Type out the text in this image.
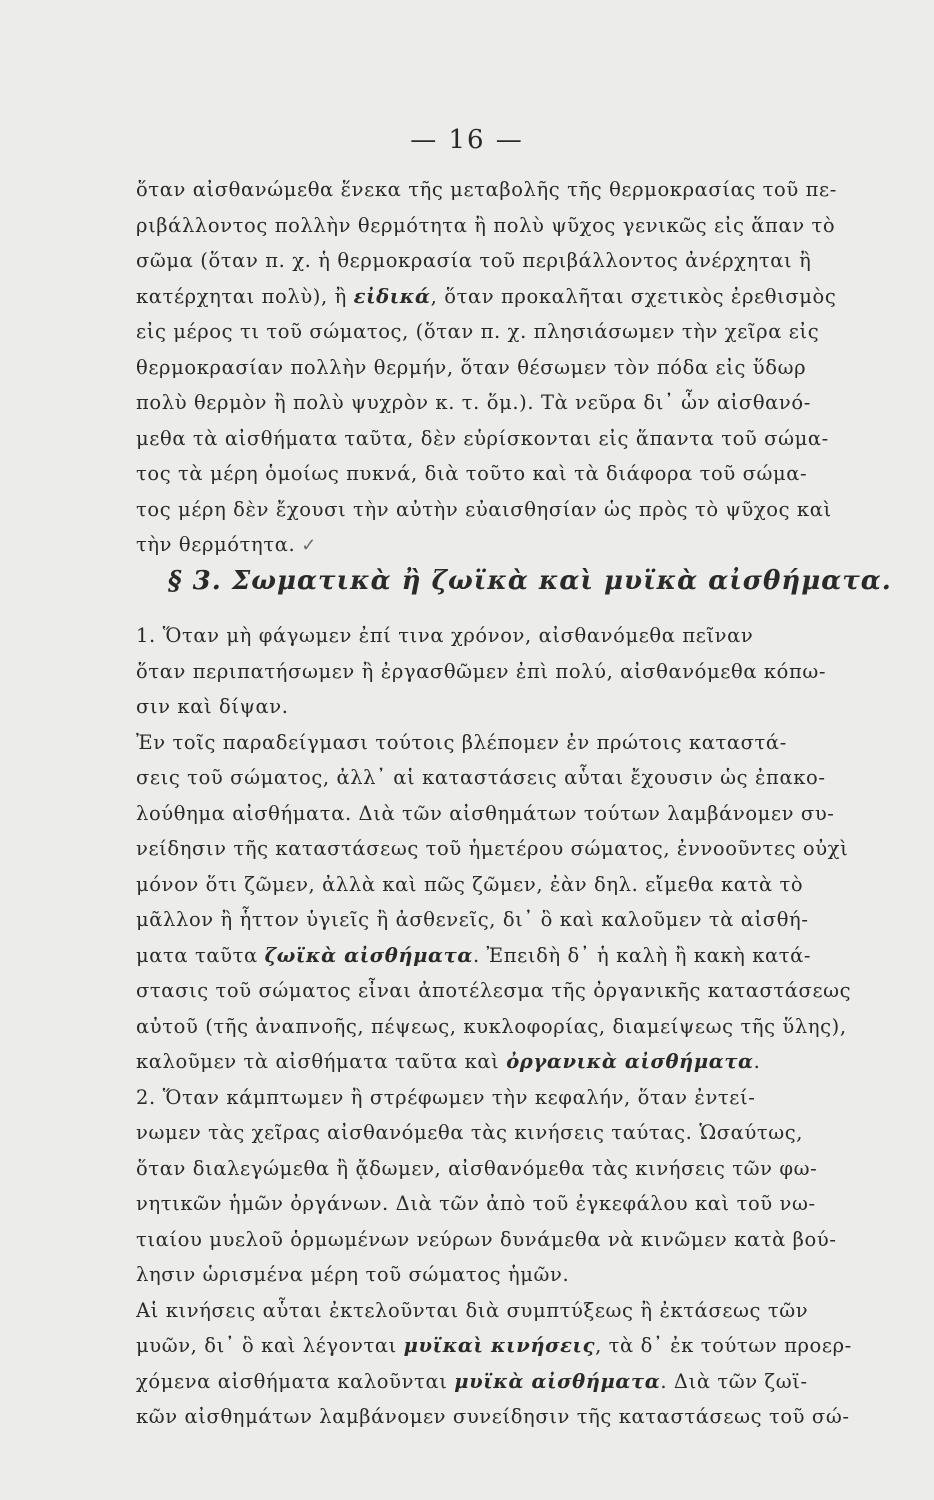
— 16 —
ὅταν αἰσθανώμεθα ἕνεκα τῆς μεταβολῆς τῆς θερμοκρασίας τοῦ πε-
ριβάλλοντος πολλὴν θερμότητα ἢ πολὺ ψῦχος γενικῶς εἰς ἅπαν τὸ
σῶμα (ὅταν π. χ. ἡ θερμοκρασία τοῦ περιβάλλοντος ἀνέρχηται ἢ
κατέρχηται πολὺ), ἢ εἰδικά, ὅταν προκαλῆται σχετικὸς ἐρεθισμὸς
εἰς μέρος τι τοῦ σώματος, (ὅταν π. χ. πλησιάσωμεν τὴν χεῖρα εἰς
θερμοκρασίαν πολλὴν θερμήν, ὅταν θέσωμεν τὸν πόδα εἰς ὕδωρ
πολὺ θερμὸν ἢ πολὺ ψυχρὸν κ. τ. ὅμ.). Τὰ νεῦρα δι᾽ ὧν αἰσθανό-
μεθα τὰ αἰσθήματα ταῦτα, δὲν εὑρίσκονται εἰς ἅπαντα τοῦ σώμα-
τος τὰ μέρη ὁμοίως πυκνά, διὰ τοῦτο καὶ τὰ διάφορα τοῦ σώμα-
τος μέρη δὲν ἔχουσι τὴν αὐτὴν εὐαισθησίαν ὡς πρὸς τὸ ψῦχος καὶ
τὴν θερμότητα. ✓
§ 3. Σωματικὰ ἢ ζωϊκὰ καὶ μυϊκὰ αἰσθήματα.
1. Ὅταν μὴ φάγωμεν ἐπί τινα χρόνον, αἰσθανόμεθα πεῖναν
ὅταν περιπατήσωμεν ἢ ἐργασθῶμεν ἐπὶ πολύ, αἰσθανόμεθα κόπω-
σιν καὶ δίψαν.
Ἐν τοῖς παραδείγμασι τούτοις βλέπομεν ἐν πρώτοις καταστά-
σεις τοῦ σώματος, ἀλλ᾽ αἱ καταστάσεις αὗται ἔχουσιν ὡς ἐπακο-
λούθημα αἰσθήματα. Διὰ τῶν αἰσθημάτων τούτων λαμβάνομεν συ-
νείδησιν τῆς καταστάσεως τοῦ ἡμετέρου σώματος, ἐννοοῦντες οὐχὶ
μόνον ὅτι ζῶμεν, ἀλλὰ καὶ πῶς ζῶμεν, ἐὰν δηλ. εἴμεθα κατὰ τὸ
μᾶλλον ἢ ἧττον ὑγιεῖς ἢ ἀσθενεῖς, δι᾽ ὃ καὶ καλοῦμεν τὰ αἰσθή-
ματα ταῦτα ζωϊκὰ αἰσθήματα. Ἐπειδὴ δ᾽ ἡ καλὴ ἢ κακὴ κατά-
στασις τοῦ σώματος εἶναι ἀποτέλεσμα τῆς ὀργανικῆς καταστάσεως
αὐτοῦ (τῆς ἀναπνοῆς, πέψεως, κυκλοφορίας, διαμείψεως τῆς ὕλης),
καλοῦμεν τὰ αἰσθήματα ταῦτα καὶ ὀργανικὰ αἰσθήματα.
2. Ὅταν κάμπτωμεν ἢ στρέφωμεν τὴν κεφαλήν, ὅταν ἐντεί-
νωμεν τὰς χεῖρας αἰσθανόμεθα τὰς κινήσεις ταύτας. Ὡσαύτως,
ὅταν διαλεγώμεθα ἢ ᾄδωμεν, αἰσθανόμεθα τὰς κινήσεις τῶν φω-
νητικῶν ἡμῶν ὀργάνων. Διὰ τῶν ἀπὸ τοῦ ἐγκεφάλου καὶ τοῦ νω-
τιαίου μυελοῦ ὁρμωμένων νεύρων δυνάμεθα νὰ κινῶμεν κατὰ βού-
λησιν ὡρισμένα μέρη τοῦ σώματος ἡμῶν.
Αἱ κινήσεις αὗται ἐκτελοῦνται διὰ συμπτύξεως ἢ ἐκτάσεως τῶν
μυῶν, δι᾽ ὃ καὶ λέγονται μυϊκαὶ κινήσεις, τὰ δ᾽ ἐκ τούτων προερ-
χόμενα αἰσθήματα καλοῦνται μυϊκὰ αἰσθήματα. Διὰ τῶν ζωϊ-
κῶν αἰσθημάτων λαμβάνομεν συνείδησιν τῆς καταστάσεως τοῦ σώ-
